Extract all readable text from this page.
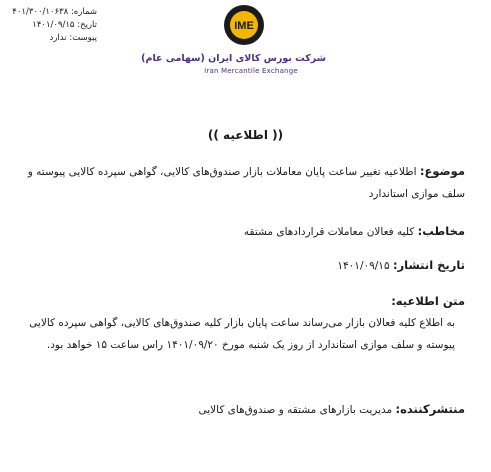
شماره: ۴۰۱/۳۰۰/۱۰۶۳۸
تاریخ: ۱۴۰۱/۰۹/۱۵
پیوست: ندارد
IME
شرکت بورس کالای ایران (سهامی عام)
Iran Mercantile Exchange
(( اطلاعیه ))
موضوع: اطلاعیه تغییر ساعت پایان معاملات بازار صندوق‌های کالایی، گواهی سپرده کالایی پیوسته و سلف موازی استاندارد
مخاطب: کلیه فعالان معاملات قراردادهای مشتقه
تاریخ انتشار: ۱۴۰۱/۰۹/۱۵
متن اطلاعیه:
به اطلاع کلیه فعالان بازار می‌رساند ساعت پایان بازار کلیه صندوق‌های کالایی، گواهی سپرده کالایی پیوسته و سلف موازی استاندارد از روز یک شنبه مورخ ۱۴۰۱/۰۹/۲۰ راس ساعت ۱۵ خواهد بود.
منتشرکننده: مدیریت بازارهای مشتقه و صندوق‌های کالایی
